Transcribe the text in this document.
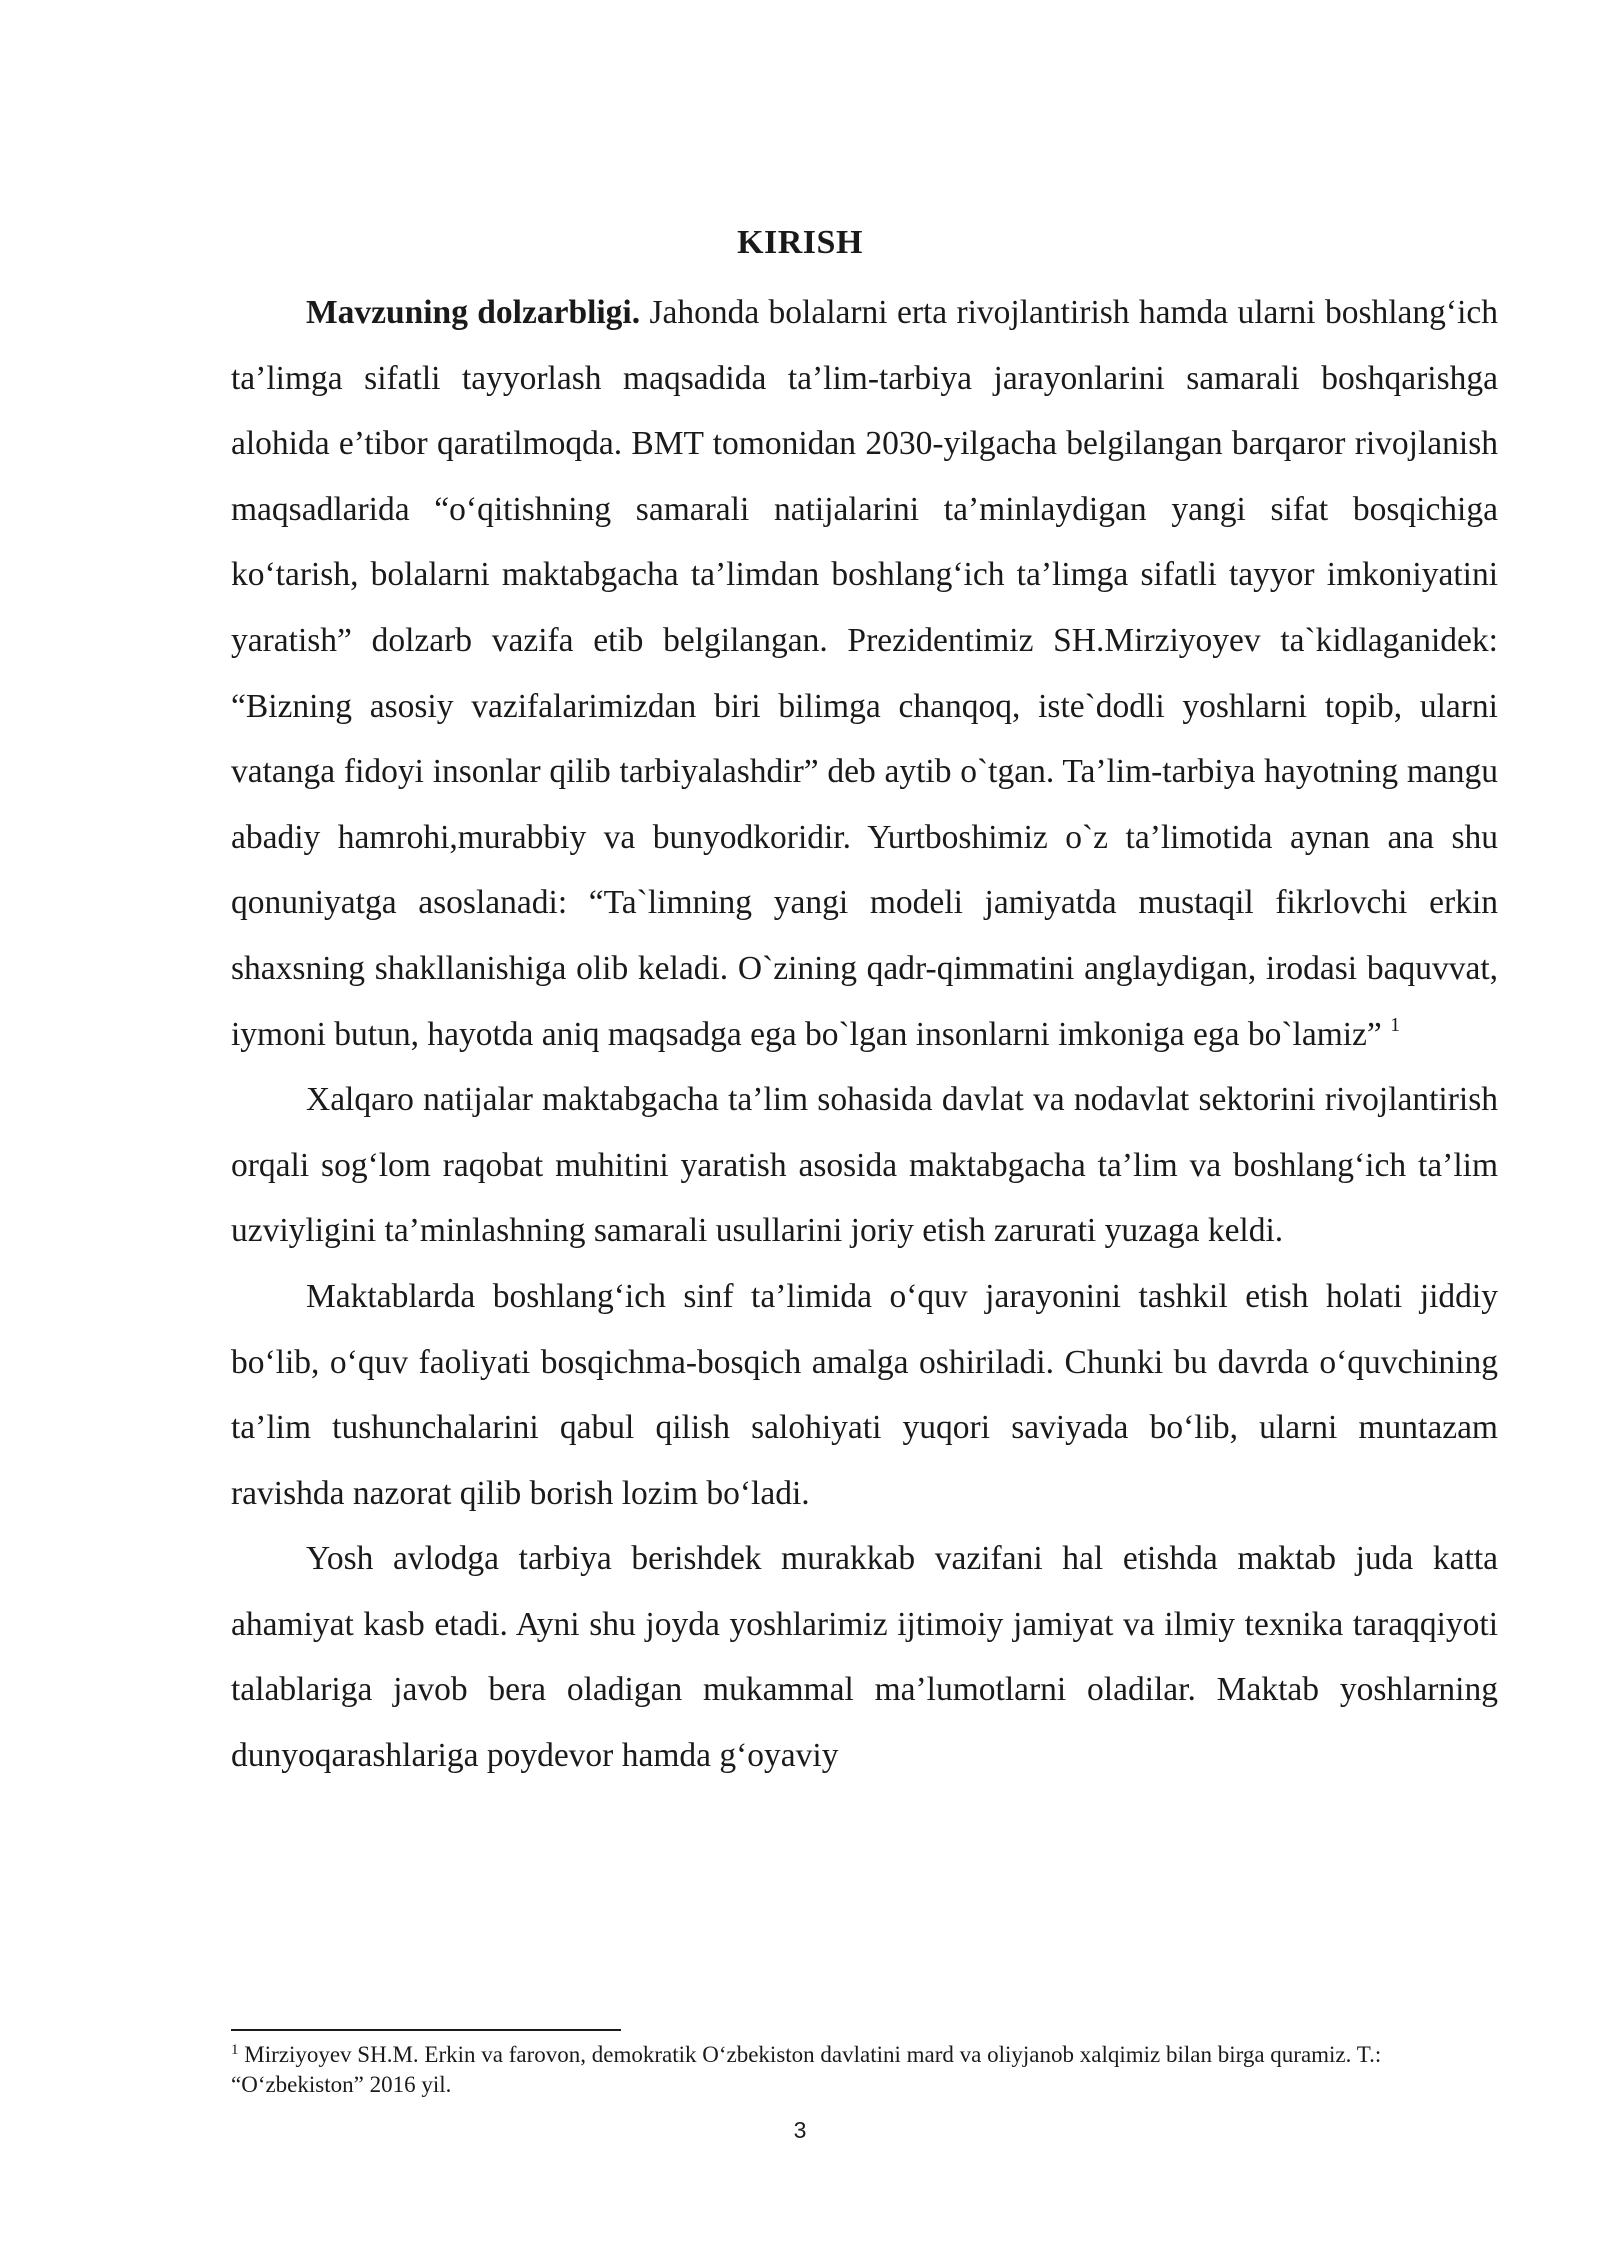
KIRISH

Mavzuning dolzarbligi. Jahonda bolalarni erta rivojlantirish hamda ularni boshlang‘ich ta’limga sifatli tayyorlash maqsadida ta’lim-tarbiya jarayonlarini samarali boshqarishga alohida e’tibor qaratilmoqda. BMT tomonidan 2030-yilgacha belgilangan barqaror rivojlanish maqsadlarida “o‘qitishning samarali natijalarini ta’minlaydigan yangi sifat bosqichiga ko‘tarish, bolalarni maktabgacha ta’limdan boshlang‘ich ta’limga sifatli tayyor imkoniyatini yaratish” dolzarb vazifa etib belgilangan. Prezidentimiz SH.Mirziyoyev ta`kidlaganidek: “Bizning asosiy vazifalarimizdan biri bilimga chanqoq, iste`dodli yoshlarni topib, ularni vatanga fidoyi insonlar qilib tarbiyalashdir” deb aytib o`tgan. Ta’lim-tarbiya hayotning mangu abadiy hamrohi,murabbiy va bunyodkoridir. Yurtboshimiz o`z ta’limotida aynan ana shu qonuniyatga asoslanadi: “Ta`limning yangi modeli jamiyatda mustaqil fikrlovchi erkin shaxsning shakllanishiga olib keladi. O`zining qadr-qimmatini anglaydigan, irodasi baquvvat, iymoni butun, hayotda aniq maqsadga ega bo`lgan insonlarni imkoniga ega bo`lamiz” $^1$

Xalqaro natijalar maktabgacha ta’lim sohasida davlat va nodavlat sektorini rivojlantirish orqali sog‘lom raqobat muhitini yaratish asosida maktabgacha ta’lim va boshlang‘ich ta’lim uzviyligini ta’minlashning samarali usullarini joriy etish zarurati yuzaga keldi.

Maktablarda boshlang‘ich sinf ta’limida o‘quv jarayonini tashkil etish holati jiddiy bo‘lib, o‘quv faoliyati bosqichma-bosqich amalga oshiriladi. Chunki bu davrda o‘quvchining ta’lim tushunchalarini qabul qilish salohiyati yuqori saviyada bo‘lib, ularni muntazam ravishda nazorat qilib borish lozim bo‘ladi.

Yosh avlodga tarbiya berishdek murakkab vazifani hal etishda maktab juda katta ahamiyat kasb etadi. Ayni shu joyda yoshlarimiz ijtimoiy jamiyat va ilmiy texnika taraqqiyoti talablariga javob bera oladigan mukammal ma’lumotlarni oladilar. Maktab yoshlarning dunyoqarashlariga poydevor hamda g‘oyaviy

$^1$ Mirziyoyev SH.M. Erkin va farovon, demokratik O‘zbekiston davlatini mard va oliyjanob xalqimiz bilan birga quramiz. T.: “O‘zbekiston” 2016 yil.

3
